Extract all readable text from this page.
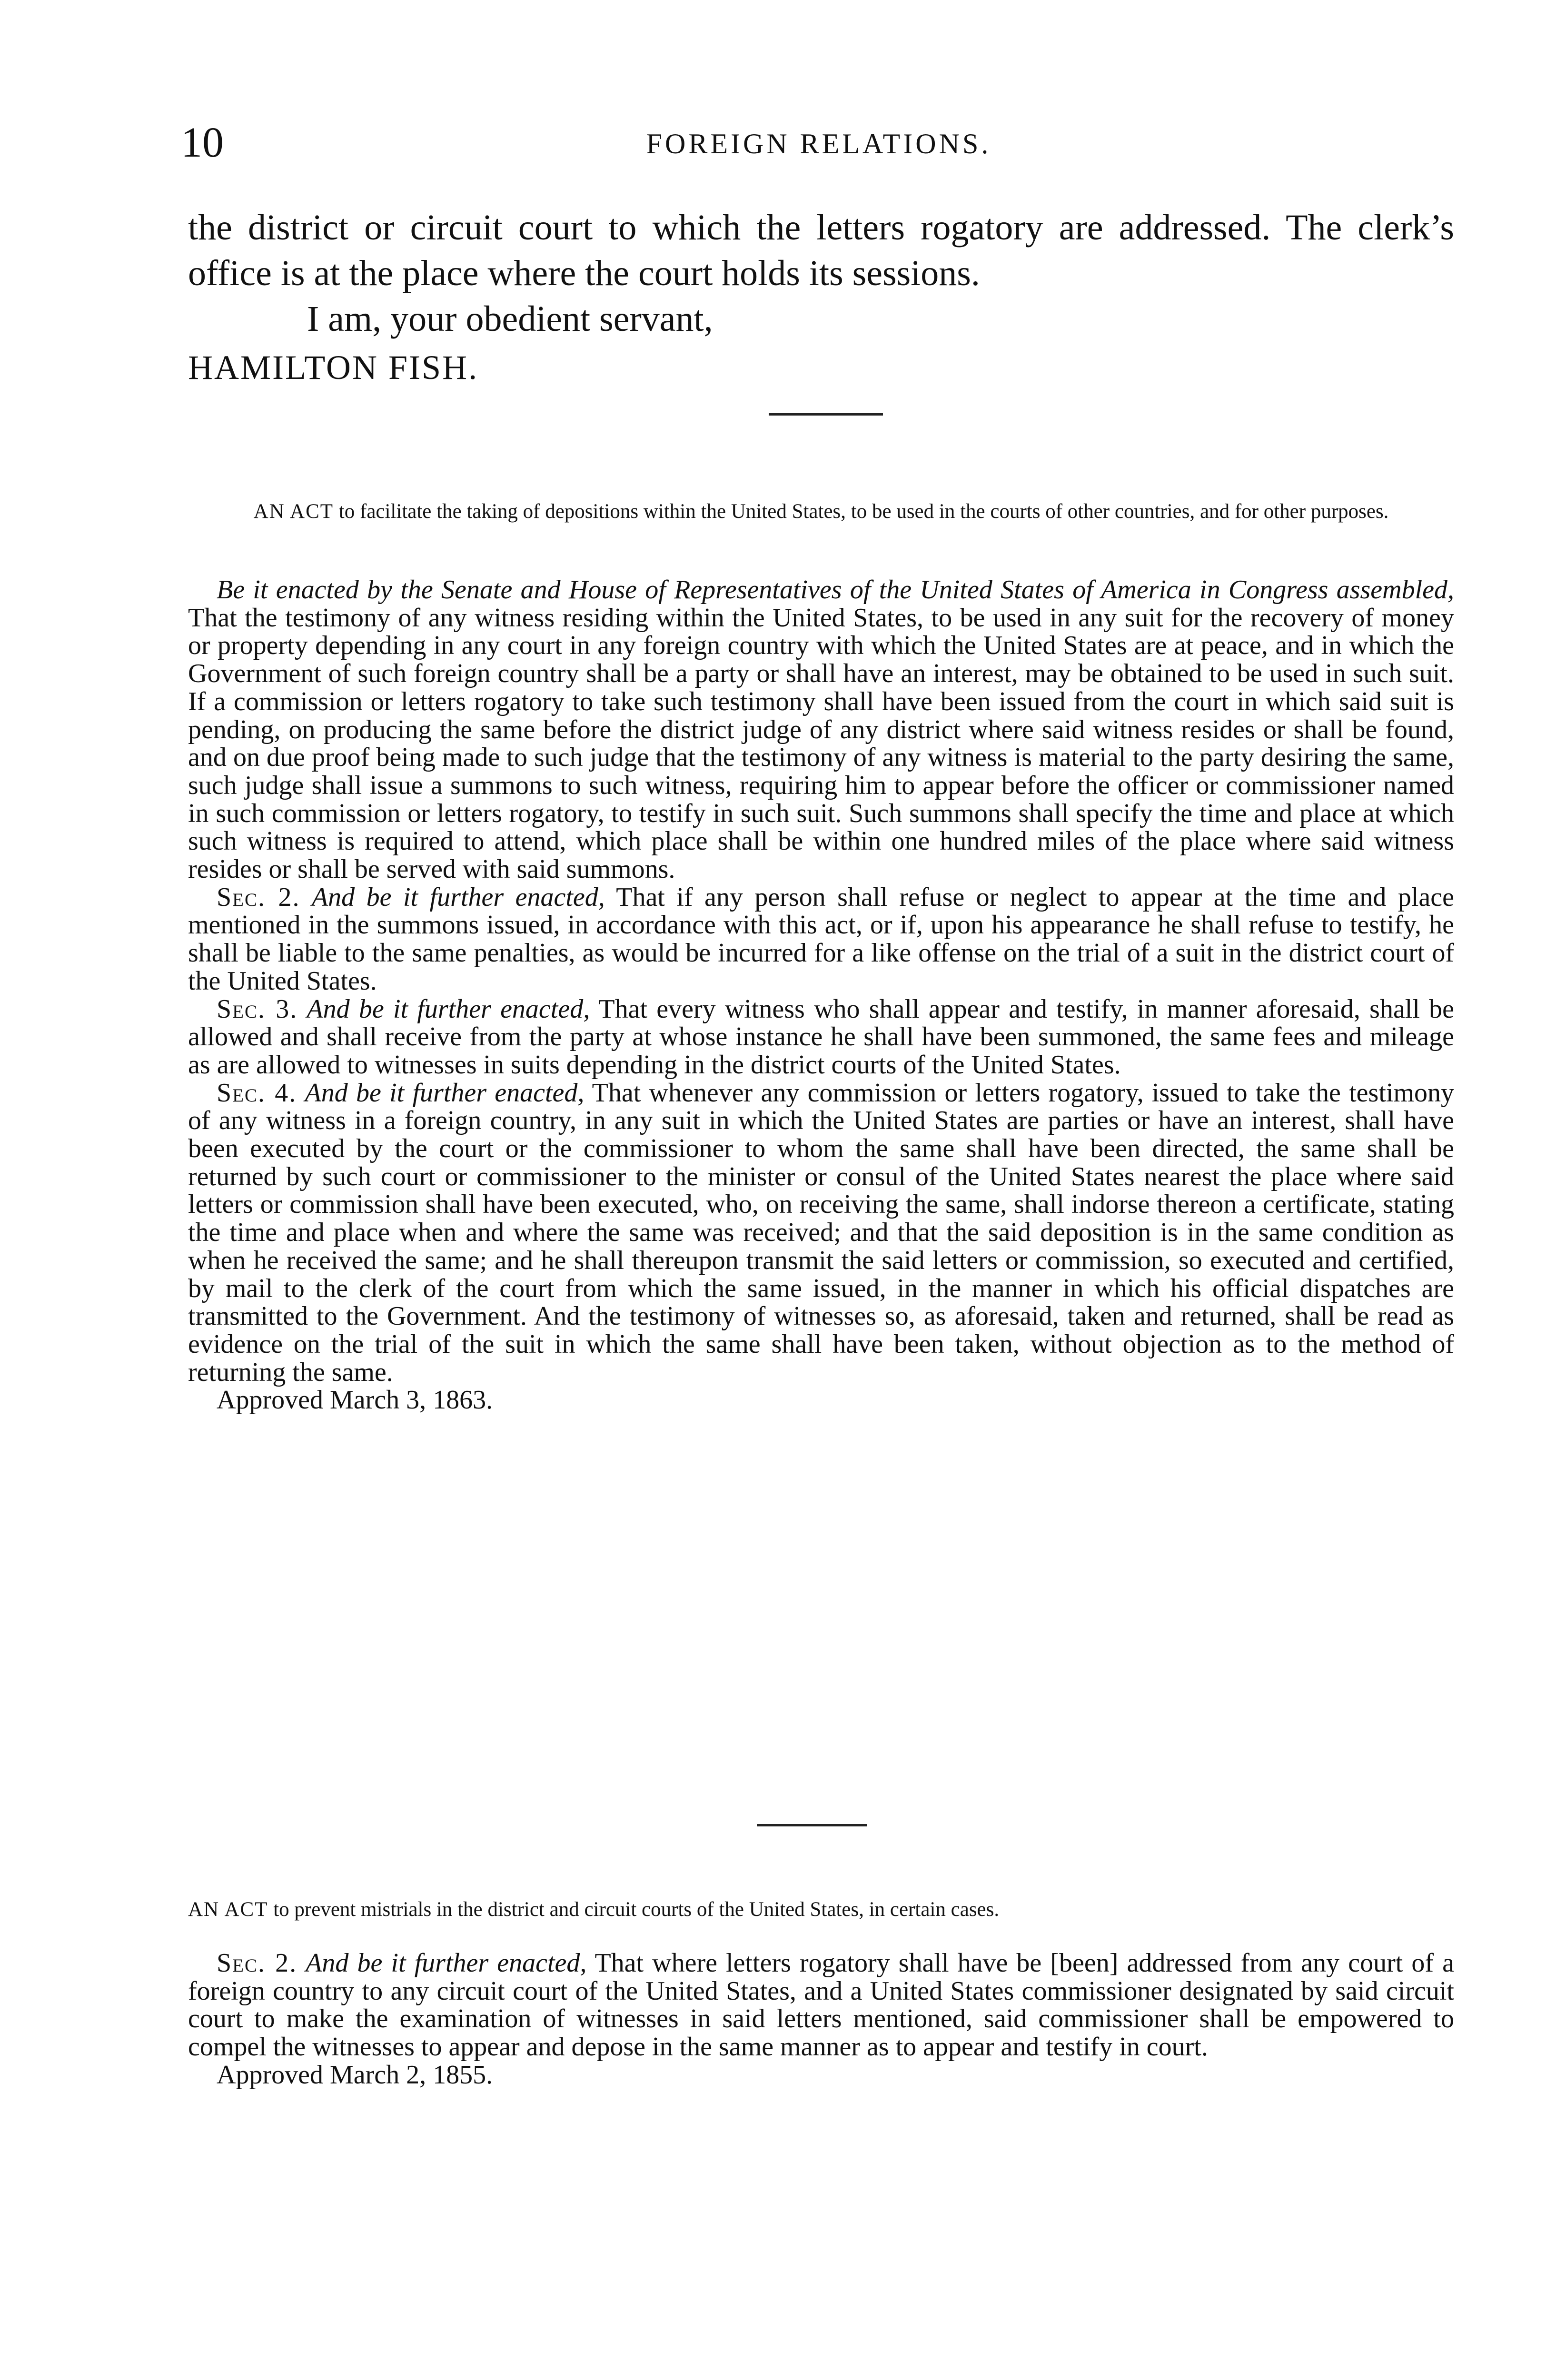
10	FOREIGN RELATIONS.

the district or circuit court to which the letters rogatory are addressed. The clerk’s office is at the place where the court holds its sessions.

I am, your obedient servant,

HAMILTON FISH.

AN ACT to facilitate the taking of depositions within the United States, to be used in the courts of other countries, and for other purposes.

Be it enacted by the Senate and House of Representatives of the United States of America in Congress assembled, That the testimony of any witness residing within the United States, to be used in any suit for the recovery of money or property depending in any court in any foreign country with which the United States are at peace, and in which the Government of such foreign country shall be a party or shall have an interest, may be obtained to be used in such suit. If a commission or letters rogatory to take such testimony shall have been issued from the court in which said suit is pending, on producing the same before the district judge of any district where said witness resides or shall be found, and on due proof being made to such judge that the testimony of any witness is material to the party desiring the same, such judge shall issue a summons to such witness, requiring him to appear before the officer or commissioner named in such commission or letters rogatory, to testify in such suit. Such summons shall specify the time and place at which such witness is required to attend, which place shall be within one hundred miles of the place where said witness resides or shall be served with said summons.

Sec. 2. And be it further enacted, That if any person shall refuse or neglect to appear at the time and place mentioned in the summons issued, in accordance with this act, or if, upon his appearance he shall refuse to testify, he shall be liable to the same penalties, as would be incurred for a like offense on the trial of a suit in the district court of the United States.

Sec. 3. And be it further enacted, That every witness who shall appear and testify, in manner aforesaid, shall be allowed and shall receive from the party at whose instance he shall have been summoned, the same fees and mileage as are allowed to witnesses in suits depending in the district courts of the United States.

Sec. 4. And be it further enacted, That whenever any commission or letters rogatory, issued to take the testimony of any witness in a foreign country, in any suit in which the United States are parties or have an interest, shall have been executed by the court or the commissioner to whom the same shall have been directed, the same shall be returned by such court or commissioner to the minister or consul of the United States nearest the place where said letters or commission shall have been executed, who, on receiving the same, shall indorse thereon a certificate, stating the time and place when and where the same was received; and that the said deposition is in the same condition as when he received the same; and he shall thereupon transmit the said letters or commission, so executed and certified, by mail to the clerk of the court from which the same issued, in the manner in which his official dispatches are transmitted to the Government. And the testimony of witnesses so, as aforesaid, taken and returned, shall be read as evidence on the trial of the suit in which the same shall have been taken, without objection as to the method of returning the same.

Approved March 3, 1863.

AN ACT to prevent mistrials in the district and circuit courts of the United States, in certain cases.

Sec. 2. And be it further enacted, That where letters rogatory shall have be [been] addressed from any court of a foreign country to any circuit court of the United States, and a United States commissioner designated by said circuit court to make the examination of witnesses in said letters mentioned, said commissioner shall be empowered to compel the witnesses to appear and depose in the same manner as to appear and testify in court.

Approved March 2, 1855.
